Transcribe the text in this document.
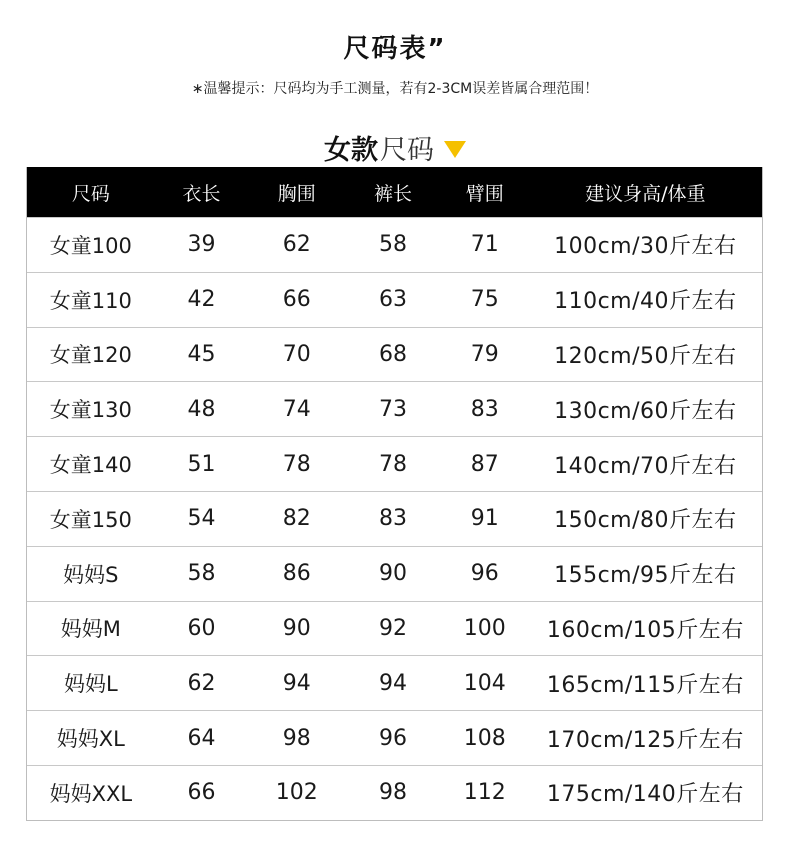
尺码表”
∗温馨提示：尺码均为手工测量，若有2-3CM误差皆属合理范围！
女款 尺码
尺码	衣长	胸围	裤长	臂围	建议身高/体重
女童100	39	62	58	71	100cm/30斤左右
女童110	42	66	63	75	110cm/40斤左右
女童120	45	70	68	79	120cm/50斤左右
女童130	48	74	73	83	130cm/60斤左右
女童140	51	78	78	87	140cm/70斤左右
女童150	54	82	83	91	150cm/80斤左右
妈妈S	58	86	90	96	155cm/95斤左右
妈妈M	60	90	92	100	160cm/105斤左右
妈妈L	62	94	94	104	165cm/115斤左右
妈妈XL	64	98	96	108	170cm/125斤左右
妈妈XXL	66	102	98	112	175cm/140斤左右
